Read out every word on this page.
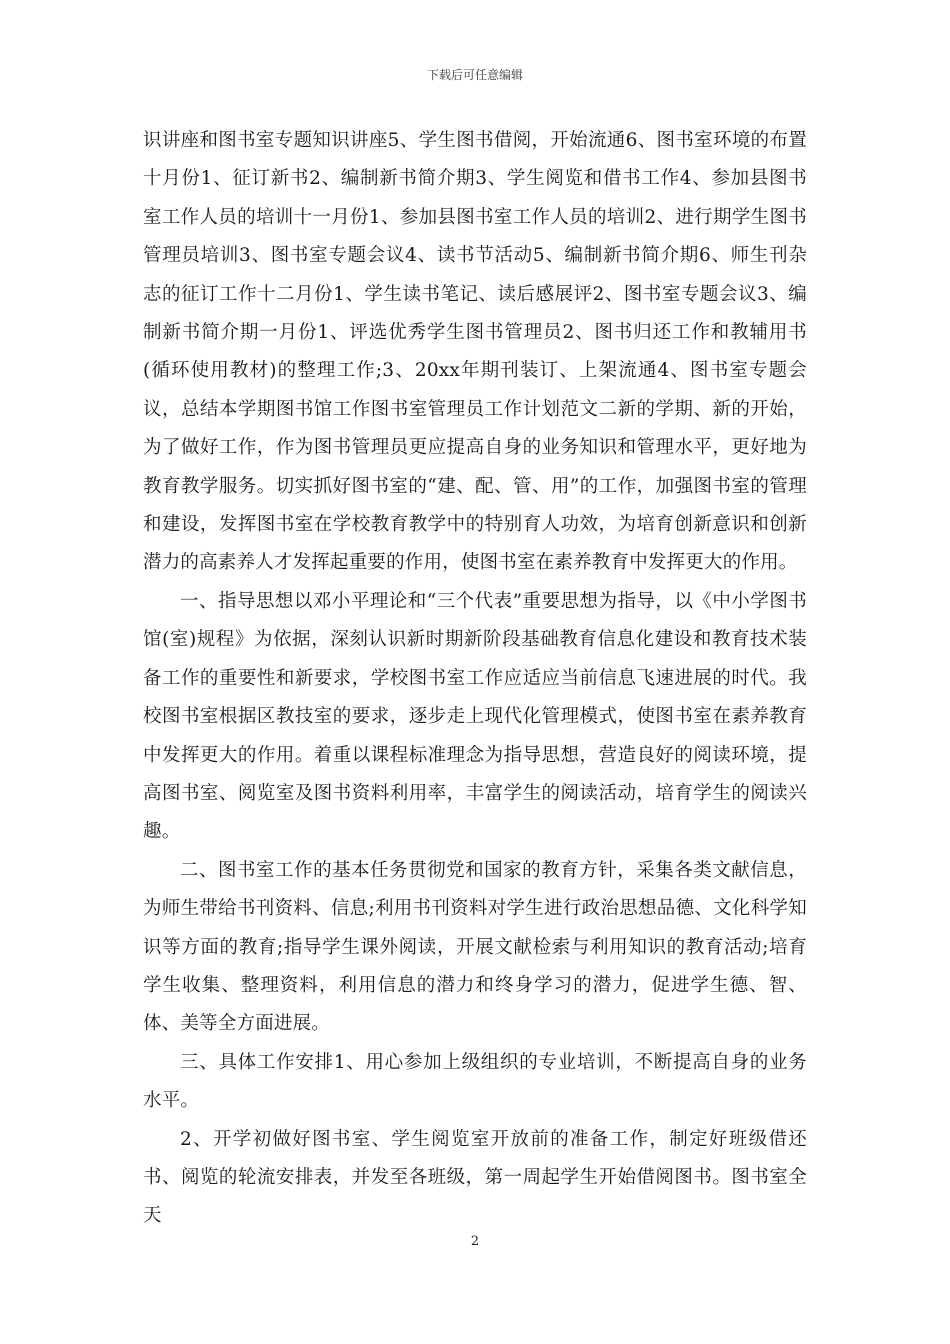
下载后可任意编辑

识讲座和图书室专题知识讲座5、学生图书借阅，开始流通6、图书室环境的布置十月份1、征订新书2、编制新书简介期3、学生阅览和借书工作4、参加县图书室工作人员的培训十一月份1、参加县图书室工作人员的培训2、进行期学生图书管理员培训3、图书室专题会议4、读书节活动5、编制新书简介期6、师生刊杂志的征订工作十二月份1、学生读书笔记、读后感展评2、图书室专题会议3、编制新书简介期一月份1、评选优秀学生图书管理员2、图书归还工作和教辅用书(循环使用教材)的整理工作;3、20xx年期刊装订、上架流通4、图书室专题会议，总结本学期图书馆工作图书室管理员工作计划范文二新的学期、新的开始，为了做好工作，作为图书管理员更应提高自身的业务知识和管理水平，更好地为教育教学服务。切实抓好图书室的“建、配、管、用”的工作，加强图书室的管理和建设，发挥图书室在学校教育教学中的特别育人功效，为培育创新意识和创新潜力的高素养人才发挥起重要的作用，使图书室在素养教育中发挥更大的作用。

一、指导思想以邓小平理论和“三个代表”重要思想为指导，以《中小学图书馆(室)规程》为依据，深刻认识新时期新阶段基础教育信息化建设和教育技术装备工作的重要性和新要求，学校图书室工作应适应当前信息飞速进展的时代。我校图书室根据区教技室的要求，逐步走上现代化管理模式，使图书室在素养教育中发挥更大的作用。着重以课程标准理念为指导思想，营造良好的阅读环境，提高图书室、阅览室及图书资料利用率，丰富学生的阅读活动，培育学生的阅读兴趣。

二、图书室工作的基本任务贯彻党和国家的教育方针，采集各类文献信息，为师生带给书刊资料、信息;利用书刊资料对学生进行政治思想品德、文化科学知识等方面的教育;指导学生课外阅读，开展文献检索与利用知识的教育活动;培育学生收集、整理资料，利用信息的潜力和终身学习的潜力，促进学生德、智、体、美等全方面进展。

三、具体工作安排1、用心参加上级组织的专业培训，不断提高自身的业务水平。

2、开学初做好图书室、学生阅览室开放前的准备工作，制定好班级借还书、阅览的轮流安排表，并发至各班级，第一周起学生开始借阅图书。图书室全天

2
